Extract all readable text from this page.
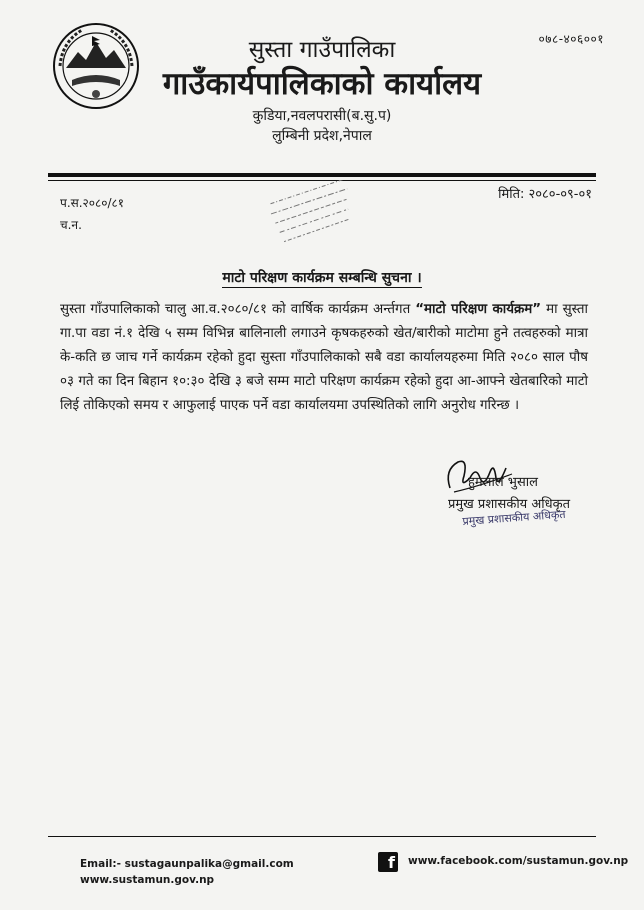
०७८-४०६००१
सुस्ता गाउँपालिका
गाउँकार्यपालिकाको कार्यालय
कुडिया,नवलपरासी(ब.सु.प)
लुम्बिनी प्रदेश,नेपाल
प.स.२०८०/८१
च.न.
मिति: २०८०-०९-०१
माटो परिक्षण कार्यक्रम सम्बन्धि सुचना ।
सुस्ता गाँउपालिकाको चालु आ.व.२०८०/८१ को वार्षिक कार्यक्रम अर्न्तगत “माटो परिक्षण कार्यक्रम” मा सुस्ता गा.पा वडा नं.१ देखि ५ सम्म विभिन्न बालिनाली लगाउने कृषकहरुको खेत/बारीको माटोमा हुने तत्वहरुको मात्रा के-कति छ जाच गर्ने कार्यक्रम रहेको हुदा सुस्ता गाँउपालिकाको सबै वडा कार्यालयहरुमा मिति २०८० साल पौष ०३ गते का दिन बिहान १०:३० देखि ३ बजे सम्म माटो परिक्षण कार्यक्रम रहेको हुदा आ-आफ्ने खेतबारिको माटो लिई तोकिएको समय र आफुलाई पाएक पर्ने वडा कार्यालयमा उपस्थितिको लागि अनुरोध गरिन्छ ।
हुमलाल भुसाल
प्रमुख प्रशासकीय अधिकृत
प्रमुख प्रशासकीय अधिकृत
Email:- sustagaunpalika@gmail.com
www.sustamun.gov.np
f www.facebook.com/sustamun.gov.np
